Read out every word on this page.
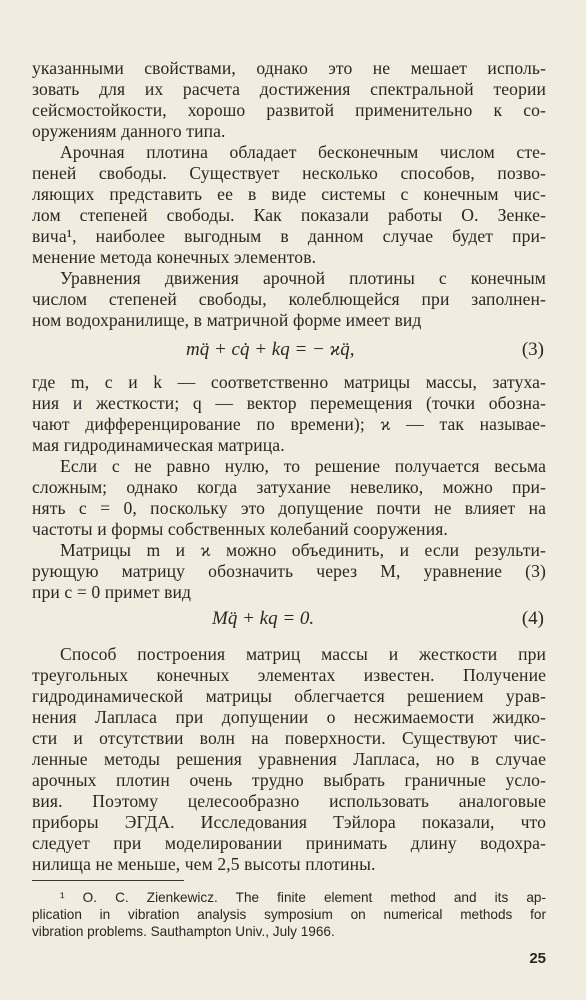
указанными свойствами, однако это не мешает исполь-
зовать для их расчета достижения спектральной теории
сейсмостойкости, хорошо развитой применительно к со-
оружениям данного типа.
Арочная плотина обладает бесконечным числом сте-
пеней свободы. Существует несколько способов, позво-
ляющих представить ее в виде системы с конечным чис-
лом степеней свободы. Как показали работы О. Зенке-
вича¹, наиболее выгодным в данном случае будет при-
менение метода конечных элементов.
Уравнения движения арочной плотины с конечным
числом степеней свободы, колеблющейся при заполнен-
ном водохранилище, в матричной форме имеет вид
mq̈ + cq̇ + kq = − ϰq̈,	(3)
где m, c и k — соответственно матрицы массы, затуха-
ния и жесткости; q — вектор перемещения (точки обозна-
чают дифференцирование по времени); ϰ — так называе-
мая гидродинамическая матрица.
Если c не равно нулю, то решение получается весьма
сложным; однако когда затухание невелико, можно при-
нять c = 0, поскольку это допущение почти не влияет на
частоты и формы собственных колебаний сооружения.
Матрицы m и ϰ можно объединить, и если результи-
рующую матрицу обозначить через M, уравнение (3)
при c = 0 примет вид
Mq̈ + kq = 0.	(4)
Способ построения матриц массы и жесткости при
треугольных конечных элементах известен. Получение
гидродинамической матрицы облегчается решением урав-
нения Лапласа при допущении о несжимаемости жидко-
сти и отсутствии волн на поверхности. Существуют чис-
ленные методы решения уравнения Лапласа, но в случае
арочных плотин очень трудно выбрать граничные усло-
вия. Поэтому целесообразно использовать аналоговые
приборы ЭГДА. Исследования Тэйлора показали, что
следует при моделировании принимать длину водохра-
нилища не меньше, чем 2,5 высоты плотины.
¹ O. C. Zienkewicz. The finite element method and its ap-
plication in vibration analysis symposium on numerical methods for
vibration problems. Sauthampton Univ., July 1966.
25
